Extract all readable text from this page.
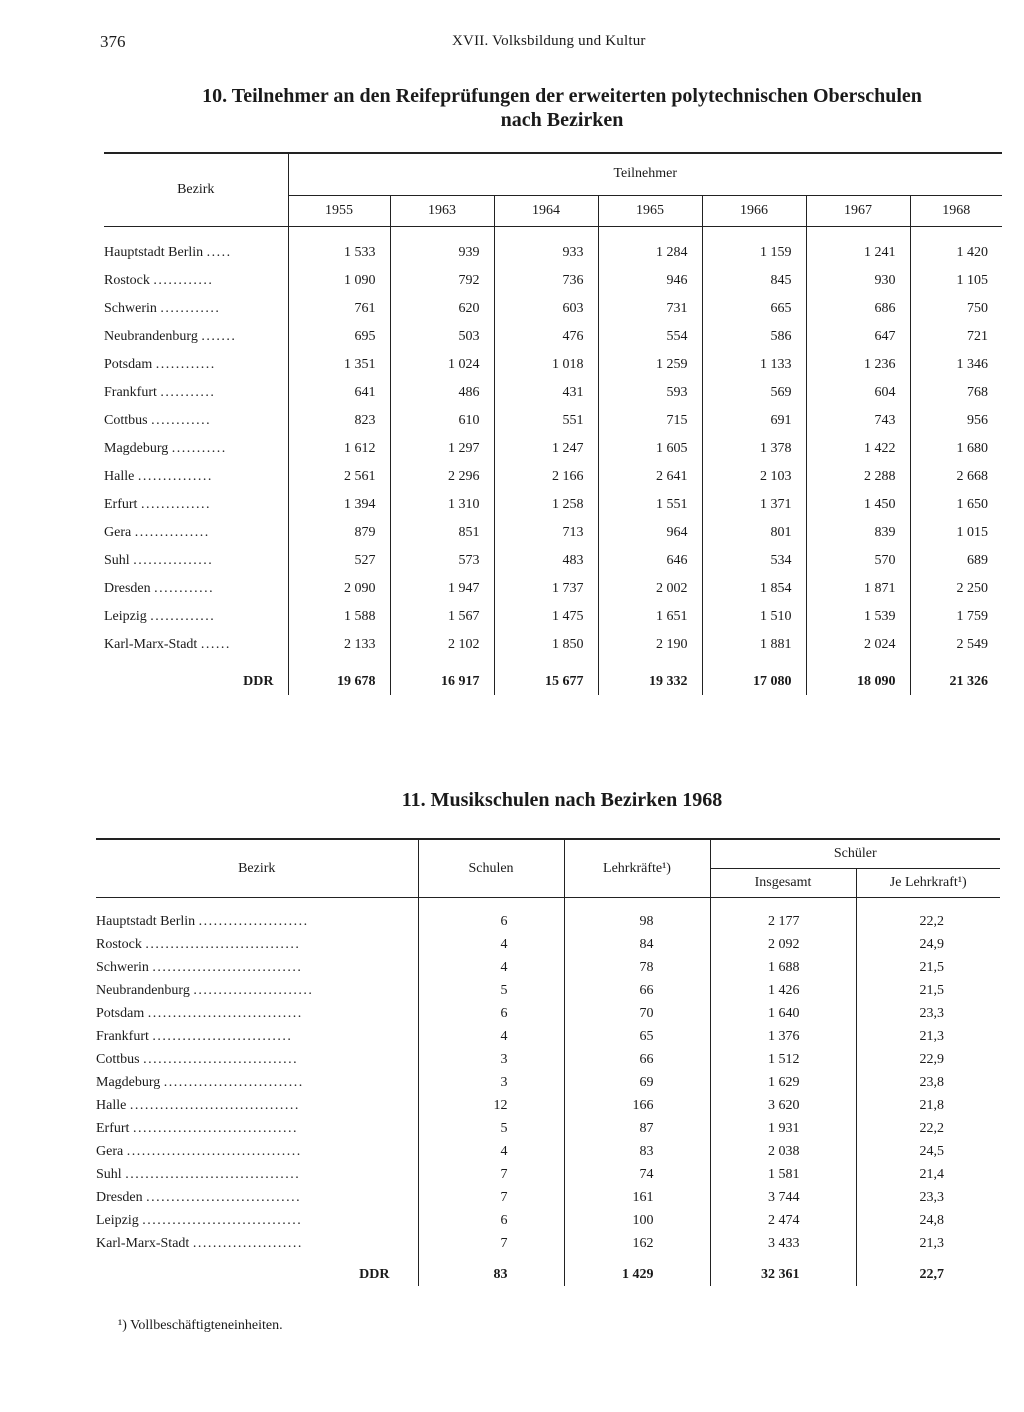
376	XVII. Volksbildung und Kultur
10. Teilnehmer an den Reifeprüfungen der erweiterten polytechnischen Oberschulen
nach Bezirken
Bezirk	Teilnehmer						
	1955	1963	1964	1965	1966	1967	1968
Hauptstadt Berlin .....	1 533	939	933	1 284	1 159	1 241	1 420
Rostock ............	1 090	792	736	946	845	930	1 105
Schwerin ............	761	620	603	731	665	686	750
Neubrandenburg .......	695	503	476	554	586	647	721
Potsdam ............	1 351	1 024	1 018	1 259	1 133	1 236	1 346
Frankfurt ...........	641	486	431	593	569	604	768
Cottbus ............	823	610	551	715	691	743	956
Magdeburg ...........	1 612	1 297	1 247	1 605	1 378	1 422	1 680
Halle ...............	2 561	2 296	2 166	2 641	2 103	2 288	2 668
Erfurt ..............	1 394	1 310	1 258	1 551	1 371	1 450	1 650
Gera ...............	879	851	713	964	801	839	1 015
Suhl ................	527	573	483	646	534	570	689
Dresden ............	2 090	1 947	1 737	2 002	1 854	1 871	2 250
Leipzig .............	1 588	1 567	1 475	1 651	1 510	1 539	1 759
Karl-Marx-Stadt ......	2 133	2 102	1 850	2 190	1 881	2 024	2 549
DDR	19 678	16 917	15 677	19 332	17 080	18 090	21 326
11. Musikschulen nach Bezirken 1968
Bezirk	Schulen	Lehrkräfte¹)	Schüler	
			Insgesamt	Je Lehrkraft¹)
Hauptstadt Berlin ......................	6	98	2 177	22,2
Rostock ...............................	4	84	2 092	24,9
Schwerin ..............................	4	78	1 688	21,5
Neubrandenburg ........................	5	66	1 426	21,5
Potsdam ...............................	6	70	1 640	23,3
Frankfurt ............................	4	65	1 376	21,3
Cottbus ...............................	3	66	1 512	22,9
Magdeburg ............................	3	69	1 629	23,8
Halle ..................................	12	166	3 620	21,8
Erfurt .................................	5	87	1 931	22,2
Gera ...................................	4	83	2 038	24,5
Suhl ...................................	7	74	1 581	21,4
Dresden ...............................	7	161	3 744	23,3
Leipzig ................................	6	100	2 474	24,8
Karl-Marx-Stadt ......................	7	162	3 433	21,3
DDR	83	1 429	32 361	22,7
¹) Vollbeschäftigteneinheiten.
